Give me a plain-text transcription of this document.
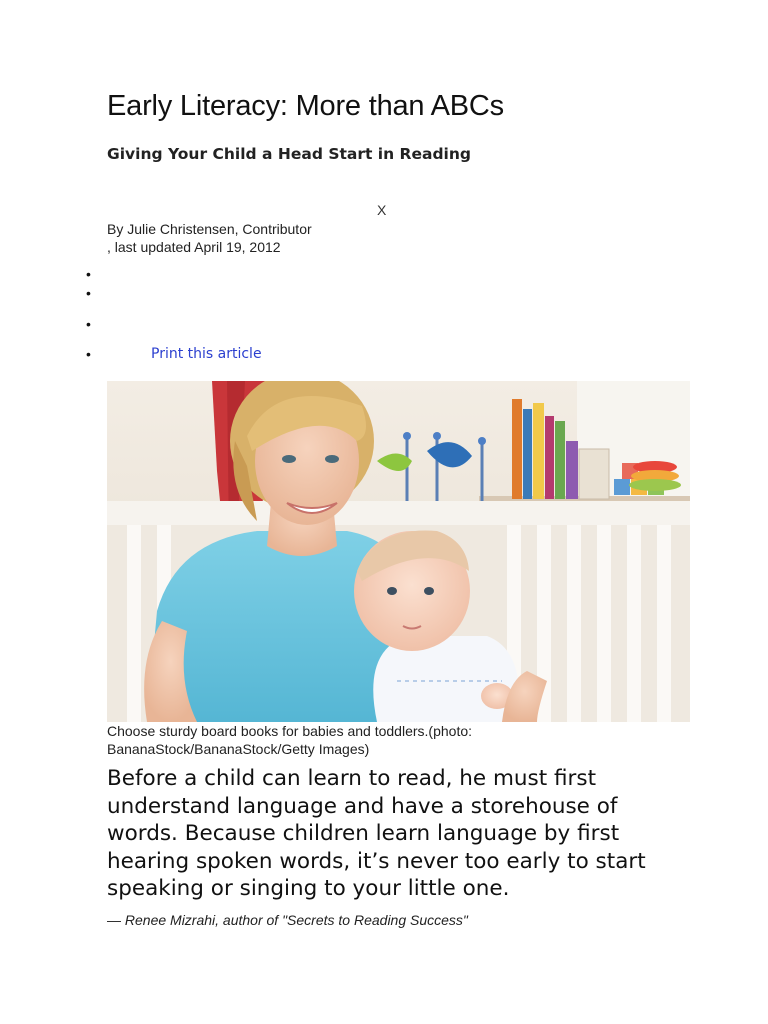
Early Literacy: More than ABCs
Giving Your Child a Head Start in Reading
X
By Julie Christensen, Contributor
, last updated April 19, 2012
Print this article
Choose sturdy board books for babies and toddlers.(photo:
BananaStock/BananaStock/Getty Images)

Before a child can learn to read, he must first understand language and have a storehouse of words. Because children learn language by first hearing spoken words, it’s never too early to start speaking or singing to your little one.

— Renee Mizrahi, author of "Secrets to Reading Success"
